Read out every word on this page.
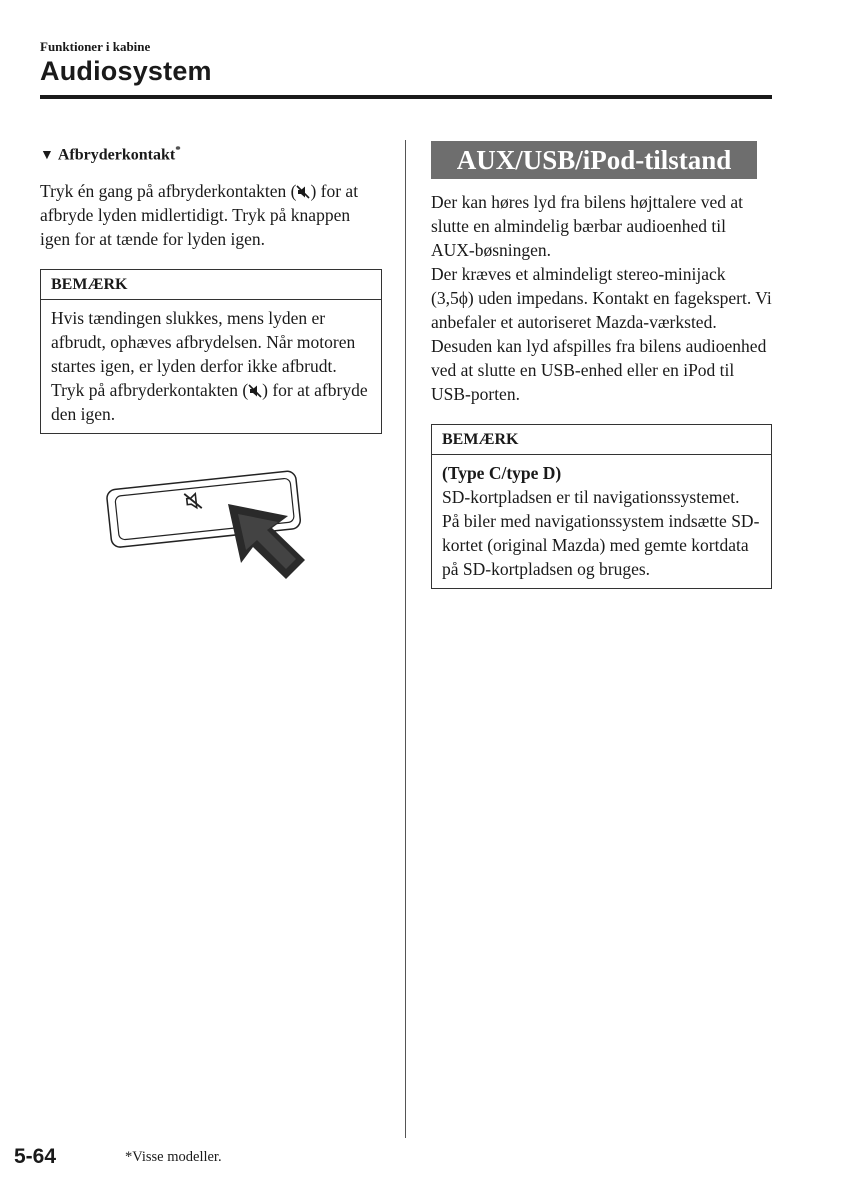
Funktioner i kabine
Audiosystem
▼ Afbryderkontakt*

Tryk én gang på afbryderkontakten ( ) for at afbryde lyden midlertidigt. Tryk på knappen igen for at tænde for lyden igen.

BEMÆRK
Hvis tændingen slukkes, mens lyden er afbrudt, ophæves afbrydelsen. Når motoren startes igen, er lyden derfor ikke afbrudt. Tryk på afbryderkontakten ( ) for at afbryde den igen.
AUX/USB/iPod-tilstand

Der kan høres lyd fra bilens højttalere ved at slutte en almindelig bærbar audioenhed til AUX-bøsningen.

Der kræves et almindeligt stereo-minijack (3,5ϕ) uden impedans. Kontakt en fagekspert. Vi anbefaler et autoriseret Mazda-værksted.

Desuden kan lyd afspilles fra bilens audioenhed ved at slutte en USB-enhed eller en iPod til USB-porten.

BEMÆRK
(Type C/type D)
SD-kortpladsen er til navigationssystemet. På biler med navigationssystem indsætte SD-kortet (original Mazda) med gemte kortdata på SD-kortpladsen og bruges.
5-64	*Visse modeller.
